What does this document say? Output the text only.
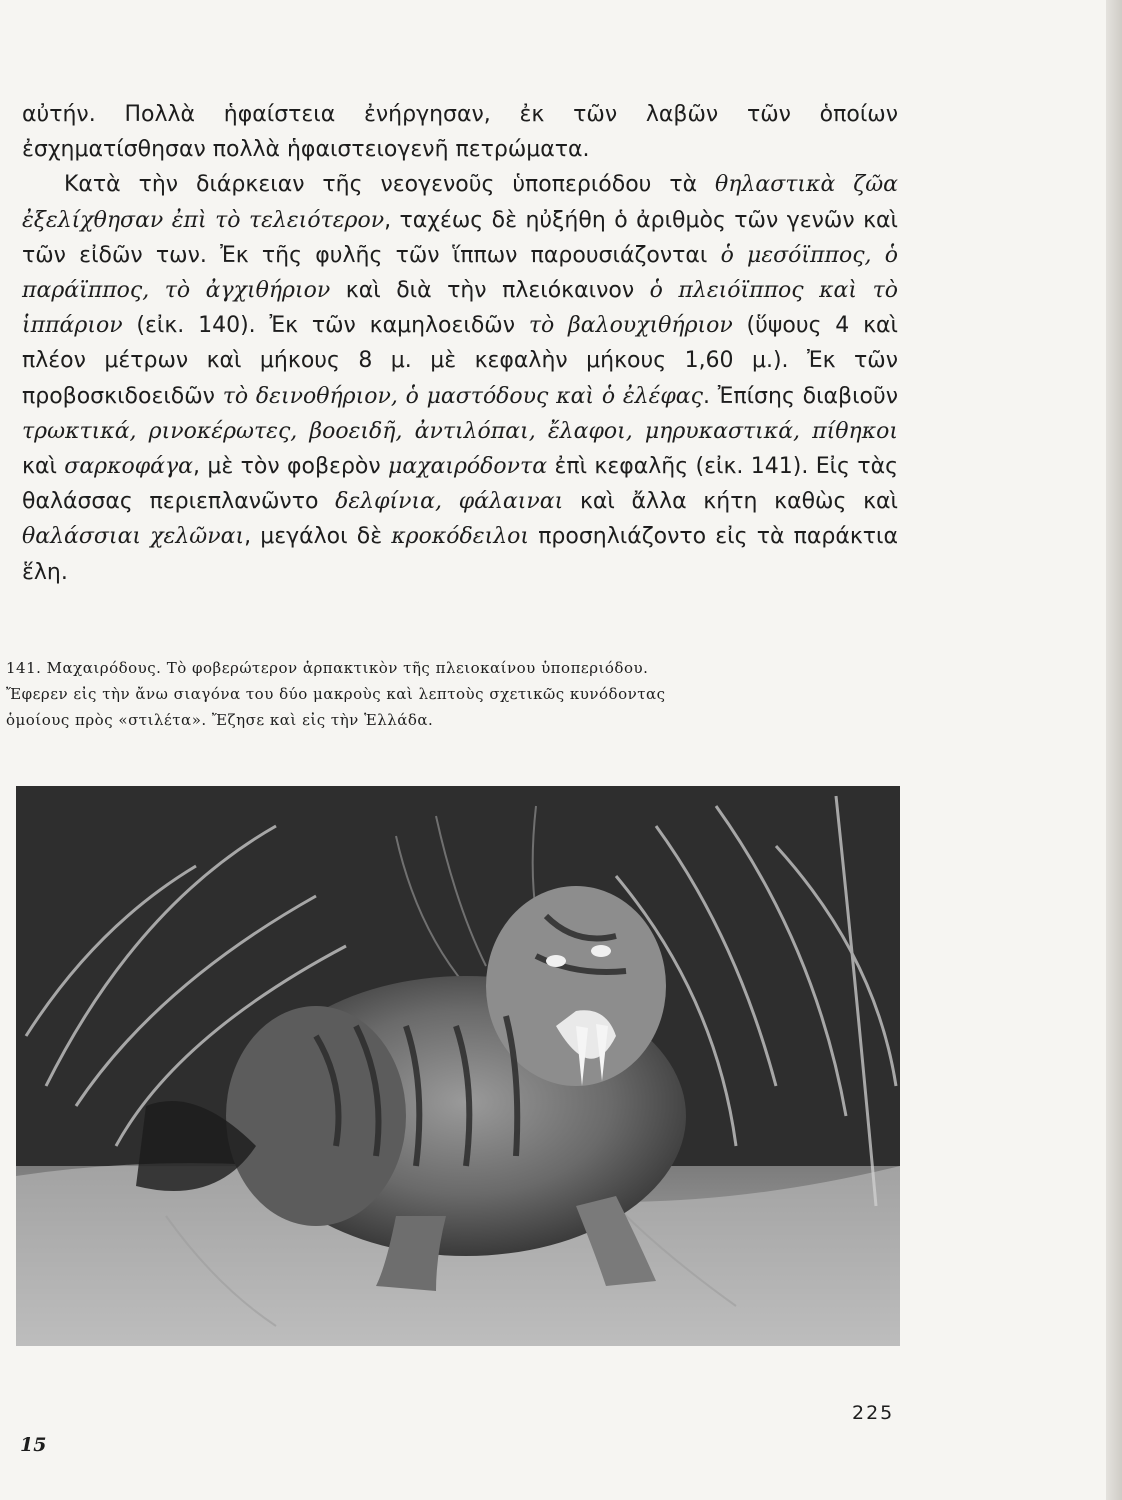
αὐτήν. Πολλὰ ἡφαίστεια ἐνήργησαν, ἐκ τῶν λαβῶν τῶν ὁποίων ἐσχηματίσθησαν πολλὰ ἡφαιστειογενῆ πετρώματα.

Κατὰ τὴν διάρκειαν τῆς νεογενοῦς ὑποπεριόδου τὰ θηλαστικὰ ζῶα ἐξελίχθησαν ἐπὶ τὸ τελειότερον, ταχέως δὲ ηὐξήθη ὁ ἀριθμὸς τῶν γενῶν καὶ τῶν εἰδῶν των. Ἐκ τῆς φυλῆς τῶν ἵππων παρουσιάζονται ὁ μεσόϊππος, ὁ παράϊππος, τὸ ἀγχιθήριον καὶ διὰ τὴν πλειόκαινον ὁ πλειόϊππος καὶ τὸ ἱππάριον (εἰκ. 140). Ἐκ τῶν καμηλοειδῶν τὸ βαλουχιθήριον (ὕψους 4 καὶ πλέον μέτρων καὶ μήκους 8 μ. μὲ κεφαλὴν μήκους 1,60 μ.). Ἐκ τῶν προβοσκιδοειδῶν τὸ δεινοθήριον, ὁ μαστόδους καὶ ὁ ἐλέφας. Ἐπίσης διαβιοῦν τρωκτικά, ρινοκέρωτες, βοοειδῆ, ἀντιλόπαι, ἔλαφοι, μηρυκαστικά, πίθηκοι καὶ σαρκοφάγα, μὲ τὸν φοβερὸν μαχαιρόδοντα ἐπὶ κεφαλῆς (εἰκ. 141). Εἰς τὰς θαλάσσας περιεπλανῶντο δελφίνια, φάλαιναι καὶ ἄλλα κήτη καθὼς καὶ θαλάσσιαι χελῶναι, μεγάλοι δὲ κροκόδειλοι προσηλιάζοντο εἰς τὰ παράκτια ἕλη.

141. Μαχαιρόδους. Τὸ φοβερώτερον ἁρπακτικὸν τῆς πλειοκαίνου ὑποπεριόδου.

Ἔφερεν εἰς τὴν ἄνω σιαγόνα του δύο μακροὺς καὶ λεπτοὺς σχετικῶς κυνόδοντας

ὁμοίους πρὸς «στιλέτα». Ἔζησε καὶ εἰς τὴν Ἑλλάδα.

225
15
